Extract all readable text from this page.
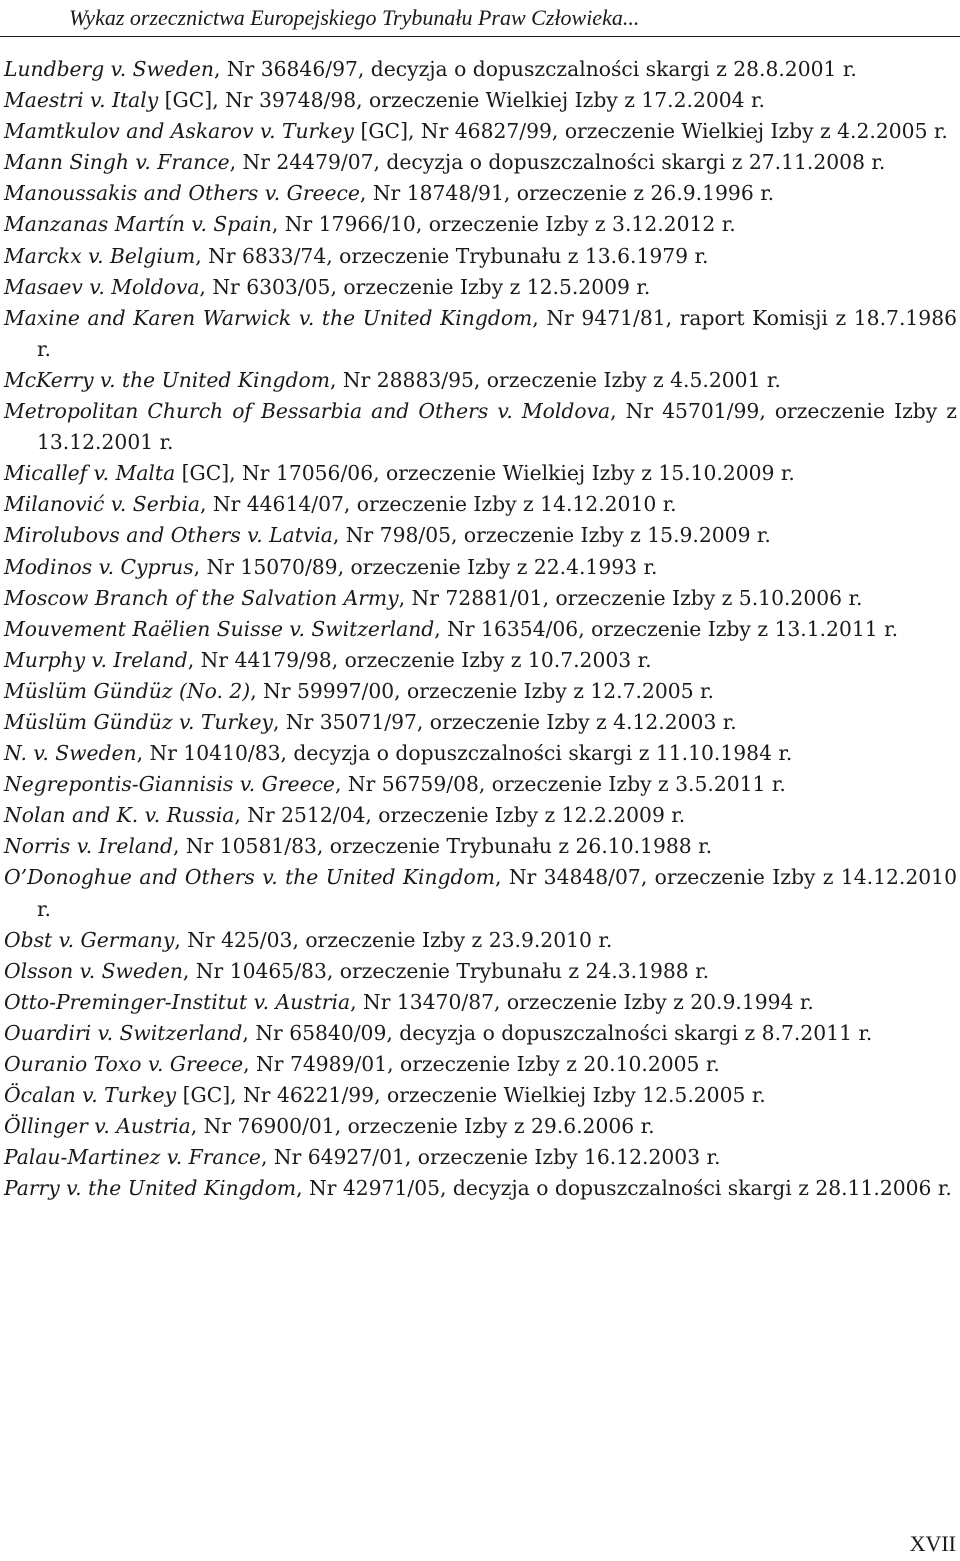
Wykaz orzecznictwa Europejskiego Trybunału Praw Człowieka...
Lundberg v. Sweden, Nr 36846/97, decyzja o dopuszczalności skargi z 28.8.2001 r.
Maestri v. Italy [GC], Nr 39748/98, orzeczenie Wielkiej Izby z 17.2.2004 r.
Mamtkulov and Askarov v. Turkey [GC], Nr 46827/99, orzeczenie Wielkiej Izby z 4.2.2005 r.
Mann Singh v. France, Nr 24479/07, decyzja o dopuszczalności skargi z 27.11.2008 r.
Manoussakis and Others v. Greece, Nr 18748/91, orzeczenie z 26.9.1996 r.
Manzanas Martín v. Spain, Nr 17966/10, orzeczenie Izby z 3.12.2012 r.
Marckx v. Belgium, Nr 6833/74, orzeczenie Trybunału z 13.6.1979 r.
Masaev v. Moldova, Nr 6303/05, orzeczenie Izby z 12.5.2009 r.
Maxine and Karen Warwick v. the United Kingdom, Nr 9471/81, raport Komisji z 18.7.1986 r.
McKerry v. the United Kingdom, Nr 28883/95, orzeczenie Izby z 4.5.2001 r.
Metropolitan Church of Bessarbia and Others v. Moldova, Nr 45701/99, orzeczenie Izby z 13.12.2001 r.
Micallef v. Malta [GC], Nr 17056/06, orzeczenie Wielkiej Izby z 15.10.2009 r.
Milanović v. Serbia, Nr 44614/07, orzeczenie Izby z 14.12.2010 r.
Mirolubovs and Others v. Latvia, Nr 798/05, orzeczenie Izby z 15.9.2009 r.
Modinos v. Cyprus, Nr 15070/89, orzeczenie Izby z 22.4.1993 r.
Moscow Branch of the Salvation Army, Nr 72881/01, orzeczenie Izby z 5.10.2006 r.
Mouvement Raëlien Suisse v. Switzerland, Nr 16354/06, orzeczenie Izby z 13.1.2011 r.
Murphy v. Ireland, Nr 44179/98, orzeczenie Izby z 10.7.2003 r.
Müslüm Gündüz (No. 2), Nr 59997/00, orzeczenie Izby z 12.7.2005 r.
Müslüm Gündüz v. Turkey, Nr 35071/97, orzeczenie Izby z 4.12.2003 r.
N. v. Sweden, Nr 10410/83, decyzja o dopuszczalności skargi z 11.10.1984 r.
Negrepontis-Giannisis v. Greece, Nr 56759/08, orzeczenie Izby z 3.5.2011 r.
Nolan and K. v. Russia, Nr 2512/04, orzeczenie Izby z 12.2.2009 r.
Norris v. Ireland, Nr 10581/83, orzeczenie Trybunału z 26.10.1988 r.
O’Donoghue and Others v. the United Kingdom, Nr 34848/07, orzeczenie Izby z 14.12.2010 r.
Obst v. Germany, Nr 425/03, orzeczenie Izby z 23.9.2010 r.
Olsson v. Sweden, Nr 10465/83, orzeczenie Trybunału z 24.3.1988 r.
Otto-Preminger-Institut v. Austria, Nr 13470/87, orzeczenie Izby z 20.9.1994 r.
Ouardiri v. Switzerland, Nr 65840/09, decyzja o dopuszczalności skargi z 8.7.2011 r.
Ouranio Toxo v. Greece, Nr 74989/01, orzeczenie Izby z 20.10.2005 r.
Öcalan v. Turkey [GC], Nr 46221/99, orzeczenie Wielkiej Izby 12.5.2005 r.
Öllinger v. Austria, Nr 76900/01, orzeczenie Izby z 29.6.2006 r.
Palau-Martinez v. France, Nr 64927/01, orzeczenie Izby 16.12.2003 r.
Parry v. the United Kingdom, Nr 42971/05, decyzja o dopuszczalności skargi z 28.11.2006 r.
XVII
